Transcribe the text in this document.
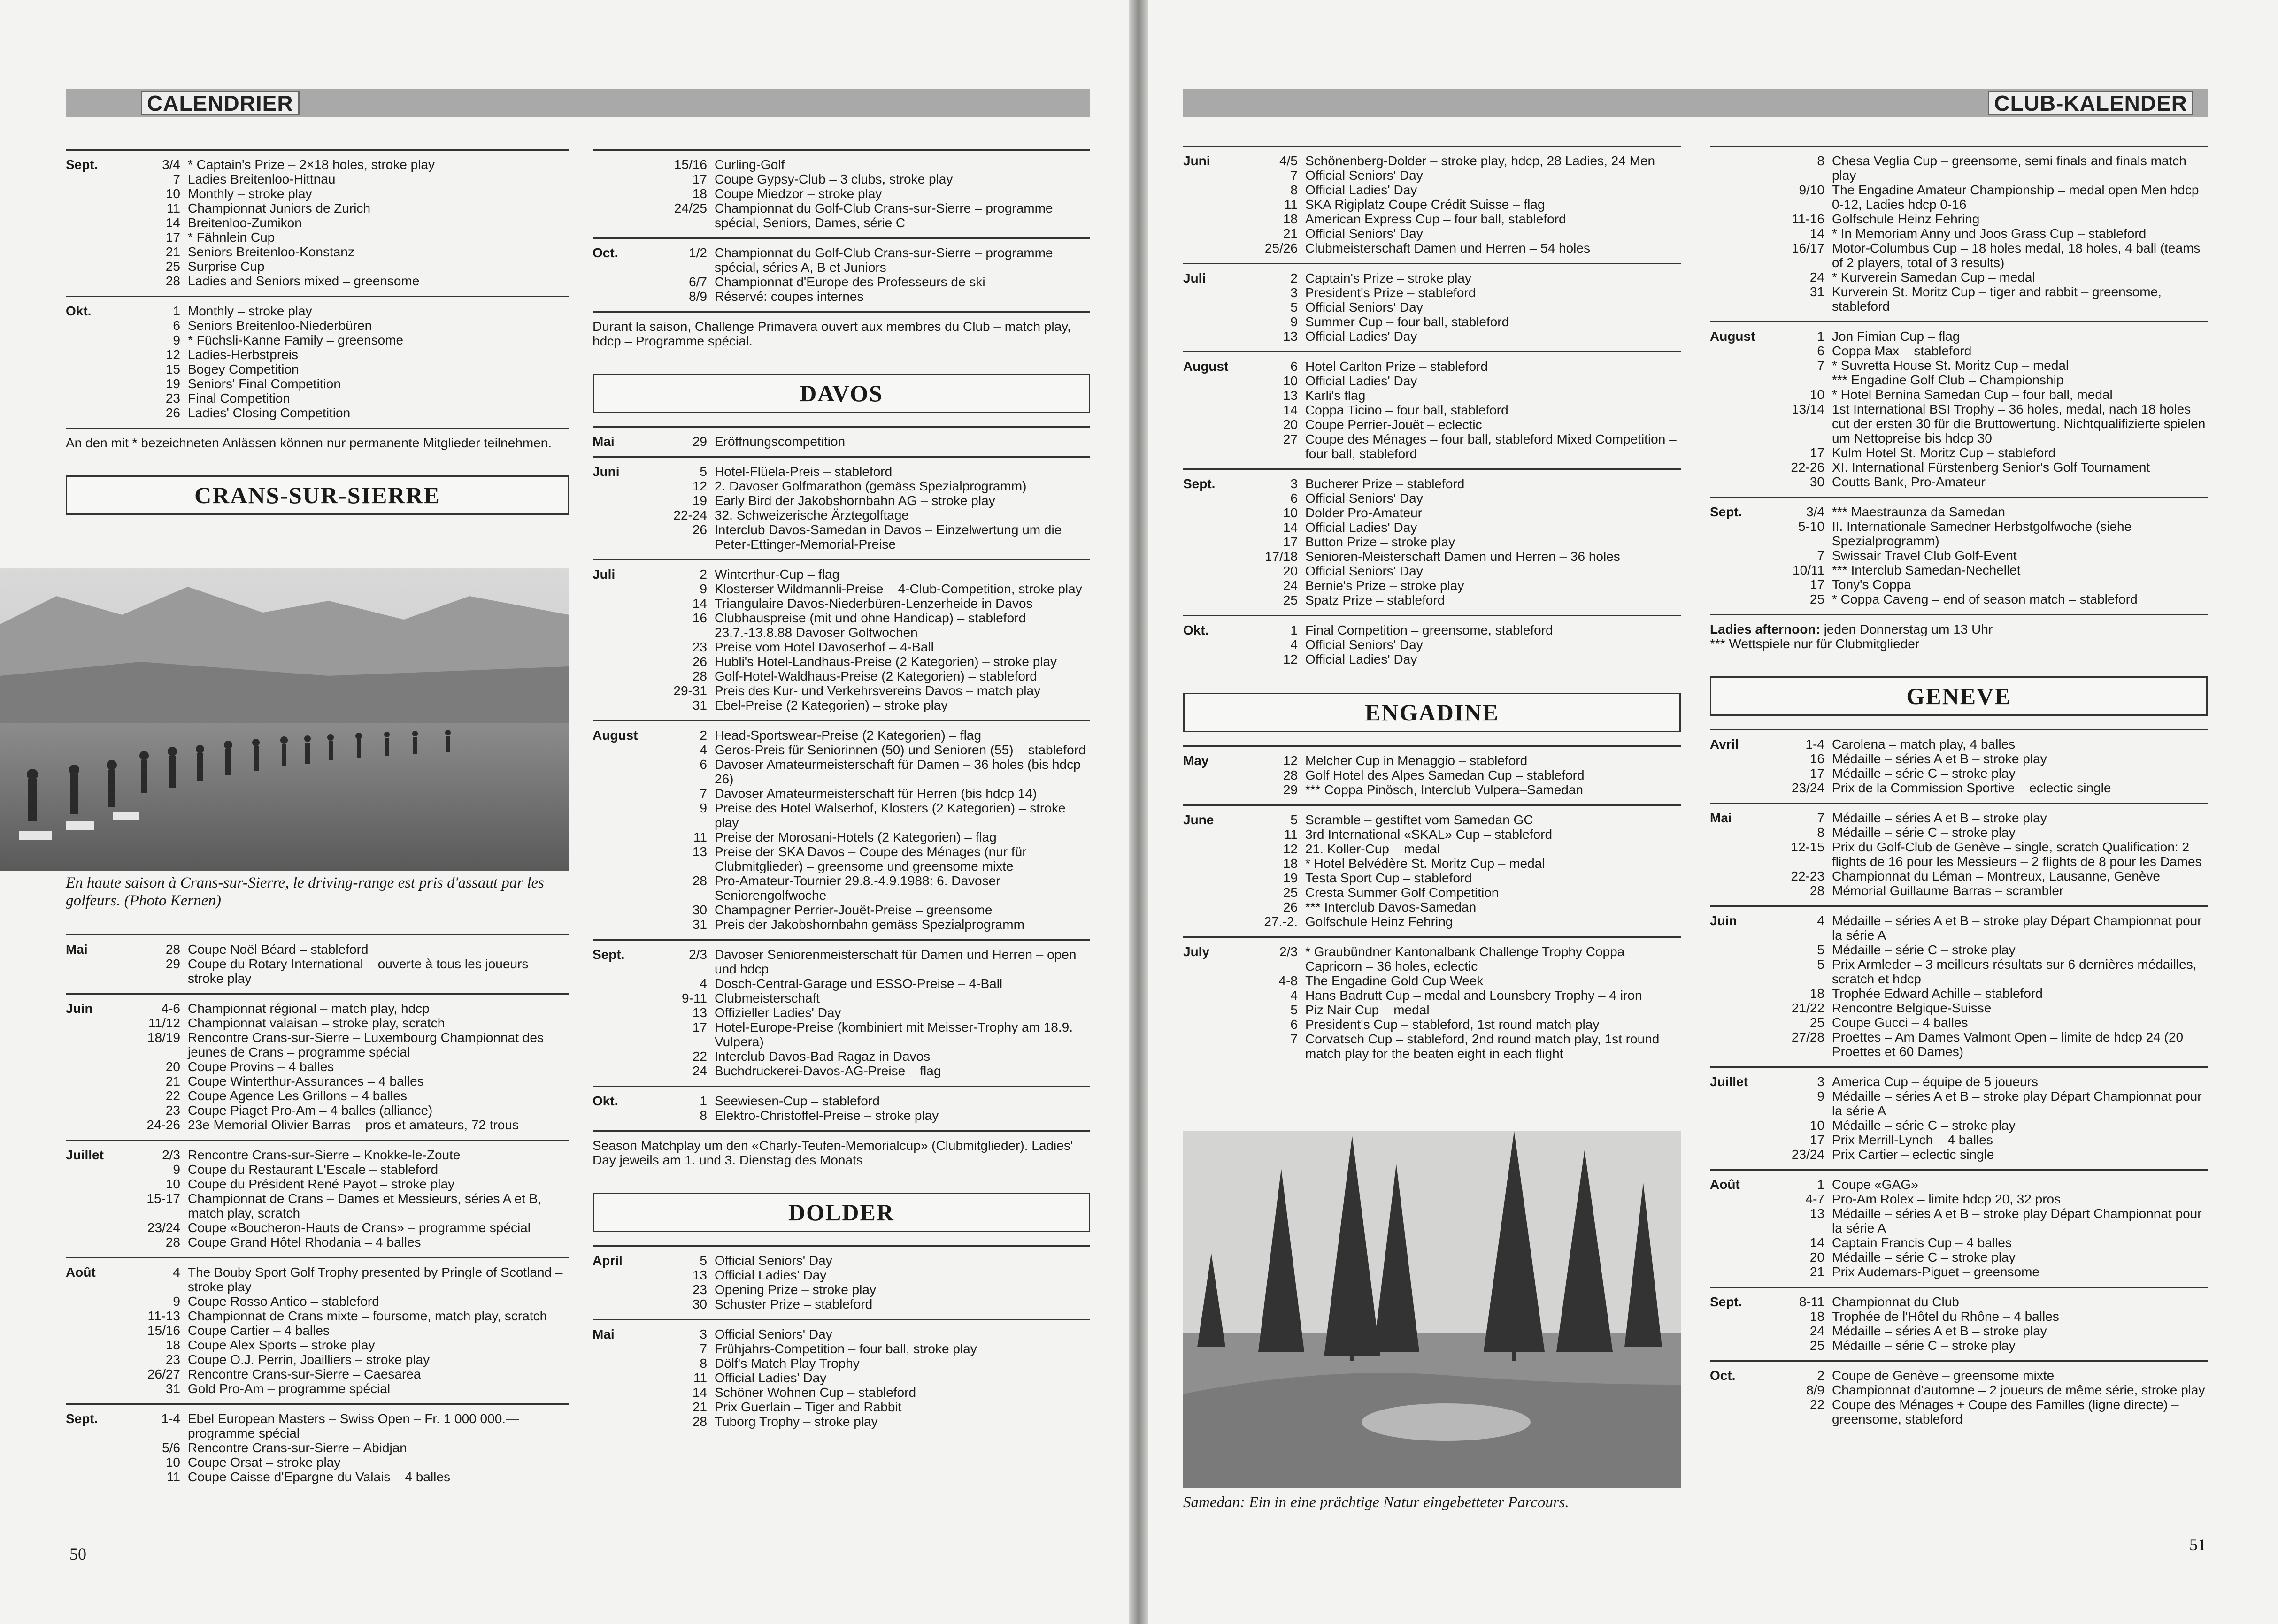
CALENDRIER
Sept.	3/4 * Captain's Prize – 2×18 holes, stroke play
7 Ladies Breitenloo-Hittnau
10 Monthly – stroke play
11 Championnat Juniors de Zurich
14 Breitenloo-Zumikon
17 * Fähnlein Cup
21 Seniors Breitenloo-Konstanz
25 Surprise Cup
28 Ladies and Seniors mixed – greensome
Okt.	1 Monthly – stroke play
6 Seniors Breitenloo-Niederbüren
9 * Füchsli-Kanne Family – greensome
12 Ladies-Herbstpreis
15 Bogey Competition
19 Seniors' Final Competition
23 Final Competition
26 Ladies' Closing Competition
An den mit * bezeichneten Anlässen können nur permanente Mitglieder teilnehmen.
CRANS-SUR-SIERRE
En haute saison à Crans-sur-Sierre, le driving-range est pris d'assaut par les golfeurs. (Photo Kernen)
Mai	28 Coupe Noël Béard – stableford
29 Coupe du Rotary International – ouverte à tous les joueurs – stroke play
Juin	4-6 Championnat régional – match play, hdcp
11/12 Championnat valaisan – stroke play, scratch
18/19 Rencontre Crans-sur-Sierre – Luxembourg Championnat des jeunes de Crans – programme spécial
20 Coupe Provins – 4 balles
21 Coupe Winterthur-Assurances – 4 balles
22 Coupe Agence Les Grillons – 4 balles
23 Coupe Piaget Pro-Am – 4 balles (alliance)
24-26 23e Memorial Olivier Barras – pros et amateurs, 72 trous
Juillet	2/3 Rencontre Crans-sur-Sierre – Knokke-le-Zoute
9 Coupe du Restaurant L'Escale – stableford
10 Coupe du Président René Payot – stroke play
15-17 Championnat de Crans – Dames et Messieurs, séries A et B, match play, scratch
23/24 Coupe «Boucheron-Hauts de Crans» – programme spécial
28 Coupe Grand Hôtel Rhodania – 4 balles
Août	4 The Bouby Sport Golf Trophy presented by Pringle of Scotland – stroke play
9 Coupe Rosso Antico – stableford
11-13 Championnat de Crans mixte – foursome, match play, scratch
15/16 Coupe Cartier – 4 balles
18 Coupe Alex Sports – stroke play
23 Coupe O.J. Perrin, Joailliers – stroke play
26/27 Rencontre Crans-sur-Sierre – Caesarea
31 Gold Pro-Am – programme spécial
Sept.	1-4 Ebel European Masters – Swiss Open – Fr. 1 000 000.— programme spécial
5/6 Rencontre Crans-sur-Sierre – Abidjan
10 Coupe Orsat – stroke play
11 Coupe Caisse d'Epargne du Valais – 4 balles
15/16 Curling-Golf
17 Coupe Gypsy-Club – 3 clubs, stroke play
18 Coupe Miedzor – stroke play
24/25 Championnat du Golf-Club Crans-sur-Sierre – programme spécial, Seniors, Dames, série C
Oct.	1/2 Championnat du Golf-Club Crans-sur-Sierre – programme spécial, séries A, B et Juniors
6/7 Championnat d'Europe des Professeurs de ski
8/9 Réservé: coupes internes
Durant la saison, Challenge Primavera ouvert aux membres du Club – match play, hdcp – Programme spécial.
DAVOS
Mai	29 Eröffnungscompetition
Juni	5 Hotel-Flüela-Preis – stableford
12 2. Davoser Golfmarathon (gemäss Spezialprogramm)
19 Early Bird der Jakobshornbahn AG – stroke play
22-24 32. Schweizerische Ärztegolftage
26 Interclub Davos-Samedan in Davos – Einzelwertung um die Peter-Ettinger-Memorial-Preise
Juli	2 Winterthur-Cup – flag
9 Klosterser Wildmannli-Preise – 4-Club-Competition, stroke play
14 Triangulaire Davos-Niederbüren-Lenzerheide in Davos
16 Clubhauspreise (mit und ohne Handicap) – stableford 23.7.-13.8.88 Davoser Golfwochen
23 Preise vom Hotel Davoserhof – 4-Ball
26 Hubli's Hotel-Landhaus-Preise (2 Kategorien) – stroke play
28 Golf-Hotel-Waldhaus-Preise (2 Kategorien) – stableford
29-31 Preis des Kur- und Verkehrsvereins Davos – match play
31 Ebel-Preise (2 Kategorien) – stroke play
August	2 Head-Sportswear-Preise (2 Kategorien) – flag
4 Geros-Preis für Seniorinnen (50) und Senioren (55) – stableford
6 Davoser Amateurmeisterschaft für Damen – 36 holes (bis hdcp 26)
7 Davoser Amateurmeisterschaft für Herren (bis hdcp 14)
9 Preise des Hotel Walserhof, Klosters (2 Kategorien) – stroke play
11 Preise der Morosani-Hotels (2 Kategorien) – flag
13 Preise der SKA Davos – Coupe des Ménages (nur für Clubmitglieder) – greensome und greensome mixte
28 Pro-Amateur-Tournier 29.8.-4.9.1988: 6. Davoser Seniorengolfwoche
30 Champagner Perrier-Jouët-Preise – greensome
31 Preis der Jakobshornbahn gemäss Spezialprogramm
Sept.	2/3 Davoser Seniorenmeisterschaft für Damen und Herren – open und hdcp
4 Dosch-Central-Garage und ESSO-Preise – 4-Ball
9-11 Clubmeisterschaft
13 Offizieller Ladies' Day
17 Hotel-Europe-Preise (kombiniert mit Meisser-Trophy am 18.9. Vulpera)
22 Interclub Davos-Bad Ragaz in Davos
24 Buchdruckerei-Davos-AG-Preise – flag
Okt.	1 Seewiesen-Cup – stableford
8 Elektro-Christoffel-Preise – stroke play
Season Matchplay um den «Charly-Teufen-Memorialcup» (Clubmitglieder). Ladies' Day jeweils am 1. und 3. Dienstag des Monats
DOLDER
April	5 Official Seniors' Day
13 Official Ladies' Day
23 Opening Prize – stroke play
30 Schuster Prize – stableford
Mai	3 Official Seniors' Day
7 Frühjahrs-Competition – four ball, stroke play
8 Dölf's Match Play Trophy
11 Official Ladies' Day
14 Schöner Wohnen Cup – stableford
21 Prix Guerlain – Tiger and Rabbit
28 Tuborg Trophy – stroke play
50
CLUB-KALENDER
Juni	4/5 Schönenberg-Dolder – stroke play, hdcp, 28 Ladies, 24 Men
7 Official Seniors' Day
8 Official Ladies' Day
11 SKA Rigiplatz Coupe Crédit Suisse – flag
18 American Express Cup – four ball, stableford
21 Official Seniors' Day
25/26 Clubmeisterschaft Damen und Herren – 54 holes
Juli	2 Captain's Prize – stroke play
3 President's Prize – stableford
5 Official Seniors' Day
9 Summer Cup – four ball, stableford
13 Official Ladies' Day
August	6 Hotel Carlton Prize – stableford
10 Official Ladies' Day
13 Karli's flag
14 Coppa Ticino – four ball, stableford
20 Coupe Perrier-Jouët – eclectic
27 Coupe des Ménages – four ball, stableford Mixed Competition – four ball, stableford
Sept.	3 Bucherer Prize – stableford
6 Official Seniors' Day
10 Dolder Pro-Amateur
14 Official Ladies' Day
17 Button Prize – stroke play
17/18 Senioren-Meisterschaft Damen und Herren – 36 holes
20 Official Seniors' Day
24 Bernie's Prize – stroke play
25 Spatz Prize – stableford
Okt.	1 Final Competition – greensome, stableford
4 Official Seniors' Day
12 Official Ladies' Day
ENGADINE
May	12 Melcher Cup in Menaggio – stableford
28 Golf Hotel des Alpes Samedan Cup – stableford
29 *** Coppa Pinösch, Interclub Vulpera–Samedan
June	5 Scramble – gestiftet vom Samedan GC
11 3rd International «SKAL» Cup – stableford
12 21. Koller-Cup – medal
18 * Hotel Belvédère St. Moritz Cup – medal
19 Testa Sport Cup – stableford
25 Cresta Summer Golf Competition
26 *** Interclub Davos-Samedan
27.-2. Golfschule Heinz Fehring
July	2/3 * Graubündner Kantonalbank Challenge Trophy Coppa Capricorn – 36 holes, eclectic
4-8 The Engadine Gold Cup Week
4 Hans Badrutt Cup – medal and Lounsbery Trophy – 4 iron
5 Piz Nair Cup – medal
6 President's Cup – stableford, 1st round match play
7 Corvatsch Cup – stableford, 2nd round match play, 1st round match play for the beaten eight in each flight
Samedan: Ein in eine prächtige Natur eingebetteter Parcours.
8 Chesa Veglia Cup – greensome, semi finals and finals match play
9/10 The Engadine Amateur Championship – medal open Men hdcp 0-12, Ladies hdcp 0-16
11-16 Golfschule Heinz Fehring
14 * In Memoriam Anny und Joos Grass Cup – stableford
16/17 Motor-Columbus Cup – 18 holes medal, 18 holes, 4 ball (teams of 2 players, total of 3 results)
24 * Kurverein Samedan Cup – medal
31 Kurverein St. Moritz Cup – tiger and rabbit – greensome, stableford
August	1 Jon Fimian Cup – flag
6 Coppa Max – stableford
7 * Suvretta House St. Moritz Cup – medal
*** Engadine Golf Club – Championship
10 * Hotel Bernina Samedan Cup – four ball, medal
13/14 1st International BSI Trophy – 36 holes, medal, nach 18 holes cut der ersten 30 für die Bruttowertung. Nichtqualifizierte spielen um Nettopreise bis hdcp 30
17 Kulm Hotel St. Moritz Cup – stableford
22-26 XI. International Fürstenberg Senior's Golf Tournament
30 Coutts Bank, Pro-Amateur
Sept.	3/4 *** Maestraunza da Samedan
5-10 II. Internationale Samedner Herbstgolfwoche (siehe Spezialprogramm)
7 Swissair Travel Club Golf-Event
10/11 *** Interclub Samedan-Nechellet
17 Tony's Coppa
25 * Coppa Caveng – end of season match – stableford
Ladies afternoon: jeden Donnerstag um 13 Uhr
*** Wettspiele nur für Clubmitglieder
GENEVE
Avril	1-4 Carolena – match play, 4 balles
16 Médaille – séries A et B – stroke play
17 Médaille – série C – stroke play
23/24 Prix de la Commission Sportive – eclectic single
Mai	7 Médaille – séries A et B – stroke play
8 Médaille – série C – stroke play
12-15 Prix du Golf-Club de Genève – single, scratch Qualification: 2 flights de 16 pour les Messieurs – 2 flights de 8 pour les Dames
22-23 Championnat du Léman – Montreux, Lausanne, Genève
28 Mémorial Guillaume Barras – scrambler
Juin	4 Médaille – séries A et B – stroke play Départ Championnat pour la série A
5 Médaille – série C – stroke play
5 Prix Armleder – 3 meilleurs résultats sur 6 dernières médailles, scratch et hdcp
18 Trophée Edward Achille – stableford
21/22 Rencontre Belgique-Suisse
25 Coupe Gucci – 4 balles
27/28 Proettes – Am Dames Valmont Open – limite de hdcp 24 (20 Proettes et 60 Dames)
Juillet	3 America Cup – équipe de 5 joueurs
9 Médaille – séries A et B – stroke play Départ Championnat pour la série A
10 Médaille – série C – stroke play
17 Prix Merrill-Lynch – 4 balles
23/24 Prix Cartier – eclectic single
Août	1 Coupe «GAG»
4-7 Pro-Am Rolex – limite hdcp 20, 32 pros
13 Médaille – séries A et B – stroke play Départ Championnat pour la série A
14 Captain Francis Cup – 4 balles
20 Médaille – série C – stroke play
21 Prix Audemars-Piguet – greensome
Sept.	8-11 Championnat du Club
18 Trophée de l'Hôtel du Rhône – 4 balles
24 Médaille – séries A et B – stroke play
25 Médaille – série C – stroke play
Oct.	2 Coupe de Genève – greensome mixte
8/9 Championnat d'automne – 2 joueurs de même série, stroke play
22 Coupe des Ménages + Coupe des Familles (ligne directe) – greensome, stableford
51
